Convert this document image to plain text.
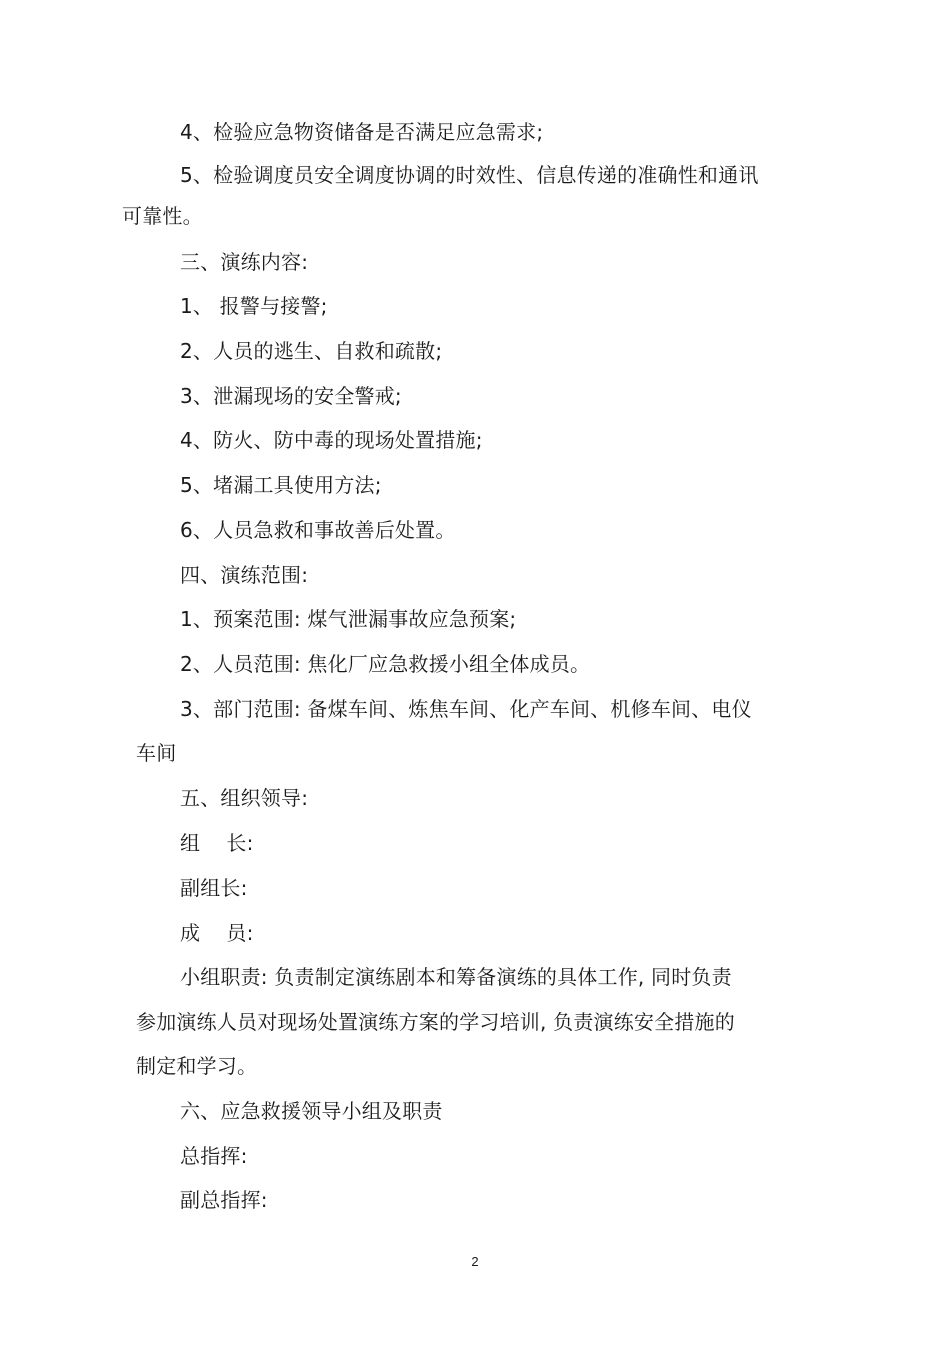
4、检验应急物资储备是否满足应急需求;
5、检验调度员安全调度协调的时效性、信息传递的准确性和通讯
可靠性。
三、演练内容:
1、 报警与接警;
2、人员的逃生、自救和疏散;
3、泄漏现场的安全警戒;
4、防火、防中毒的现场处置措施;
5、堵漏工具使用方法;
6、人员急救和事故善后处置。
四、演练范围:
1、预案范围: 煤气泄漏事故应急预案;
2、人员范围: 焦化厂应急救援小组全体成员。
3、部门范围: 备煤车间、炼焦车间、化产车间、机修车间、电仪
车间
五、组织领导:
组    长:
副组长:
成    员:
小组职责: 负责制定演练剧本和筹备演练的具体工作, 同时负责
参加演练人员对现场处置演练方案的学习培训, 负责演练安全措施的
制定和学习。
六、应急救援领导小组及职责
总指挥:
副总指挥:
2
